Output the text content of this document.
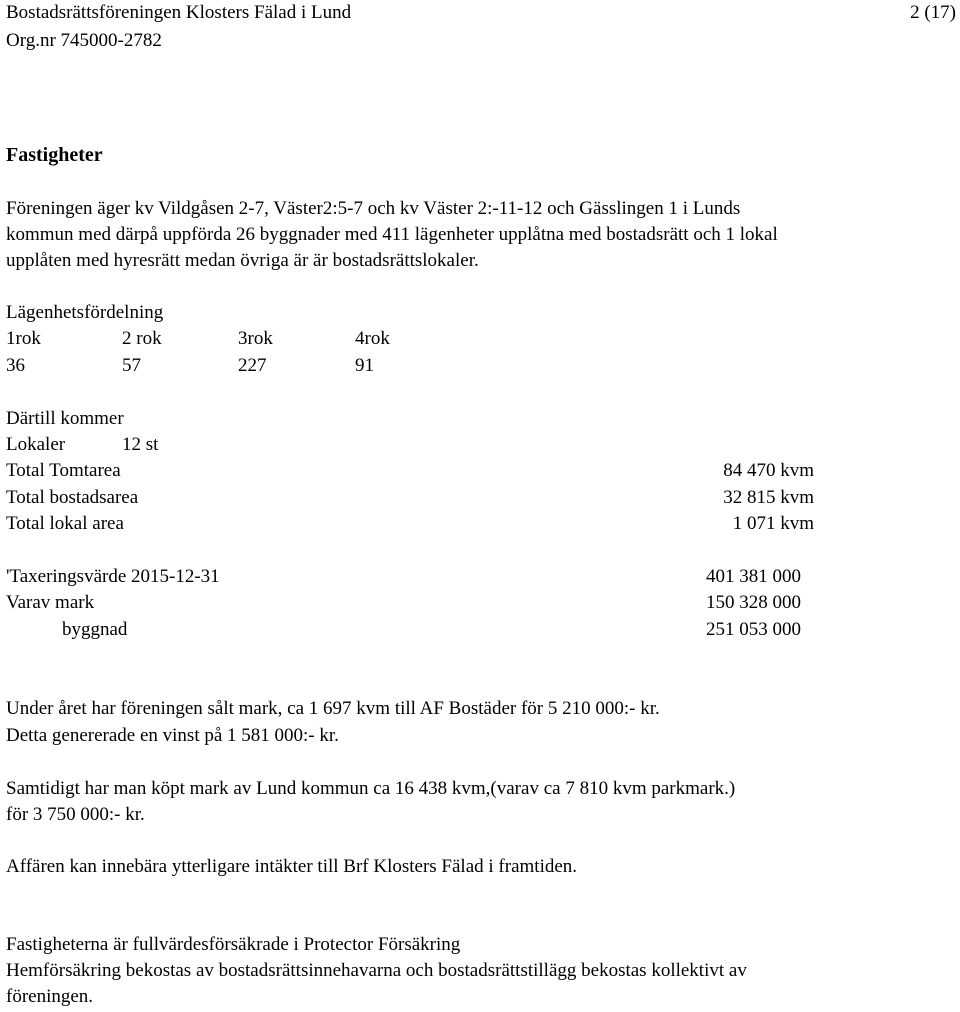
Bostadsrättsföreningen Klosters Fälad i Lund	2 (17)
Org.nr 745000-2782
Fastigheter
Föreningen äger kv Vildgåsen 2-7, Väster2:5-7 och kv Väster 2:-11-12 och Gässlingen 1 i Lunds
kommun med därpå uppförda 26 byggnader med 411 lägenheter upplåtna med bostadsrätt och 1 lokal
upplåten med hyresrätt medan övriga är är bostadsrättslokaler.
Lägenhetsfördelning
1rok	2 rok	3rok	4rok
36	57	227	91
Därtill kommer
Lokaler	12 st
Total Tomtarea	84 470 kvm
Total bostadsarea	32 815 kvm
Total lokal area	1 071 kvm
'Taxeringsvärde 2015-12-31	401 381 000
Varav mark	150 328 000
byggnad	251 053 000
Under året har föreningen sålt mark, ca 1 697 kvm till AF Bostäder för 5 210 000:- kr.
Detta genererade en vinst på 1 581 000:- kr.
Samtidigt har man köpt mark av Lund kommun ca 16 438 kvm,(varav ca 7 810 kvm parkmark.)
för 3 750 000:- kr.
Affären kan innebära ytterligare intäkter till Brf Klosters Fälad i framtiden.
Fastigheterna är fullvärdesförsäkrade i Protector Försäkring
Hemförsäkring bekostas av bostadsrättsinnehavarna och bostadsrättstillägg bekostas kollektivt av
föreningen.
